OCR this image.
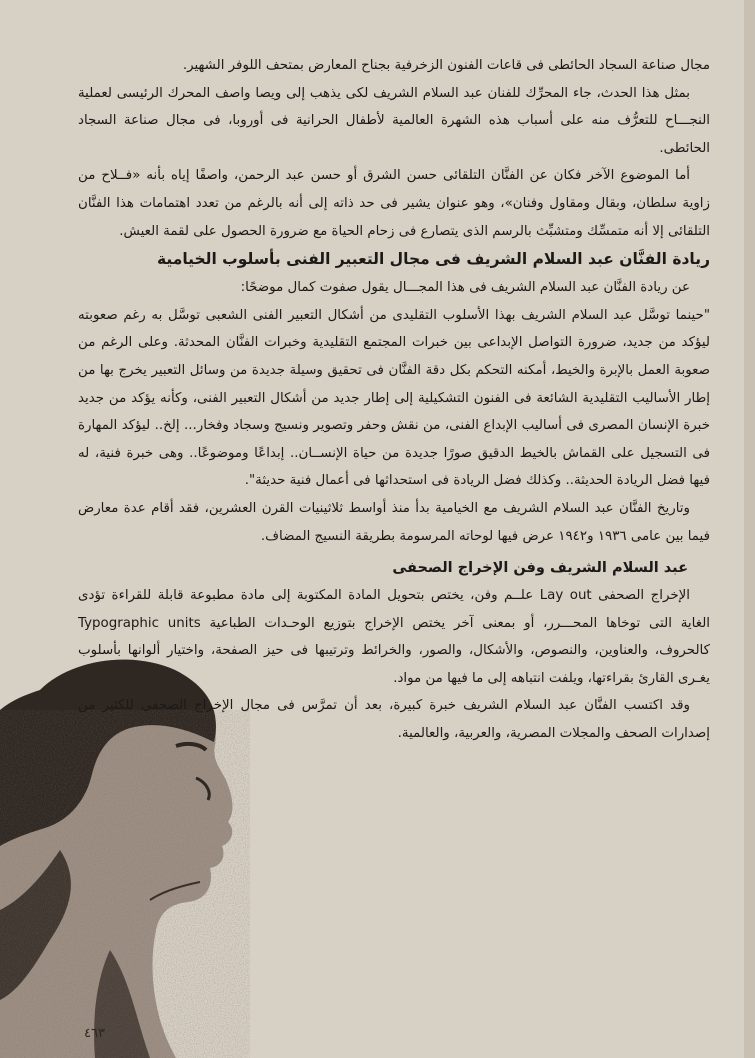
مجال صناعة السجاد الحائطى فى قاعات الفنون الزخرفية بجناح المعارض بمتحف اللوفر الشهير.

بمثل هذا الحدث، جاء المحرِّك للفنان عبد السلام الشريف لكى يذهب إلى ويصا واصف المحرك الرئيسى لعملية النجـــاح للتعرُّف منه على أسباب هذه الشهرة العالمية لأطفال الحرانية فى أوروبا، فى مجال صناعة السجاد الحائطى.

أما الموضوع الآخر فكان عن الفنَّان التلقائى حسن الشرق أو حسن عبد الرحمن، واصفًا إياه بأنه «فــلاح من زاوية سلطان، وبقال ومقاول وفنان»، وهو عنوان يشير فى حد ذاته إلى أنه بالرغم من تعدد اهتمامات هذا الفنَّان التلقائى إلا أنه متمسِّك ومتشبِّث بالرسم الذى يتصارع فى زحام الحياة مع ضرورة الحصول على لقمة العيش.

ريادة الفنَّان عبد السلام الشريف فى مجال التعبير الفنى بأسلوب الخيامية

عن ريادة الفنَّان عبد السلام الشريف فى هذا المجـــال يقول صفوت كمال موضحًا:

"حينما توسَّل عبد السلام الشريف بهذا الأسلوب التقليدى من أشكال التعبير الفنى الشعبى توسَّل به رغم صعوبته ليؤكد من جديد، ضرورة التواصل الإبداعى بين خبرات المجتمع التقليدية وخبرات الفنَّان المحدثة. وعلى الرغم من صعوبة العمل بالإبرة والخيط، أمكنه التحكم بكل دقة الفنَّان فى تحقيق وسيلة جديدة من وسائل التعبير يخرج بها من إطار الأساليب التقليدية الشائعة فى الفنون التشكيلية إلى إطار جديد من أشكال التعبير الفنى، وكأنه يؤكد من جديد خبرة الإنسان المصرى فى أساليب الإبداع الفنى، من نقش وحفر وتصوير ونسيج وسجاد وفخار... إلخ.. ليؤكد المهارة فى التسجيل على القماش بالخيط الدقيق صورًا جديدة من حياة الإنســان.. إبداعًا وموضوعًا.. وهى خبرة فنية، له فيها فضل الريادة الحديثة.. وكذلك فضل الريادة فى استحداثها فى أعمال فنية حديثة".

وتاريخ الفنَّان عبد السلام الشريف مع الخيامية بدأ منذ أواسط ثلاثينيات القرن العشرين، فقد أقام عدة معارض فيما بين عامى ١٩٣٦ و١٩٤٢ عرض فيها لوحاته المرسومة بطريقة النسيج المضاف.

عبد السلام الشريف وفن الإخراج الصحفى

الإخراج الصحفى Lay out علــم وفن، يختص بتحويل المادة المكتوبة إلى مادة مطبوعة قابلة للقراءة تؤدى الغاية التى توخاها المحـــرر، أو بمعنى آخر يختص الإخراج بتوزيع الوحـدات الطباعية Typographic units كالحروف، والعناوين، والنصوص، والأشكال، والصور، والخرائط وترتيبها فى حيز الصفحة، واختيار ألوانها بأسلوب يغـرى القارئ بقراءتها، ويلفت انتباهه إلى ما فيها من مواد.

وقد اكتسب الفنَّان عبد السلام الشريف خبرة كبيرة، بعد أن تمرَّس فى مجال الإخراج الصحفى للكثير من إصدارات الصحف والمجلات المصرية، والعربية، والعالمية.

٤٦٣
